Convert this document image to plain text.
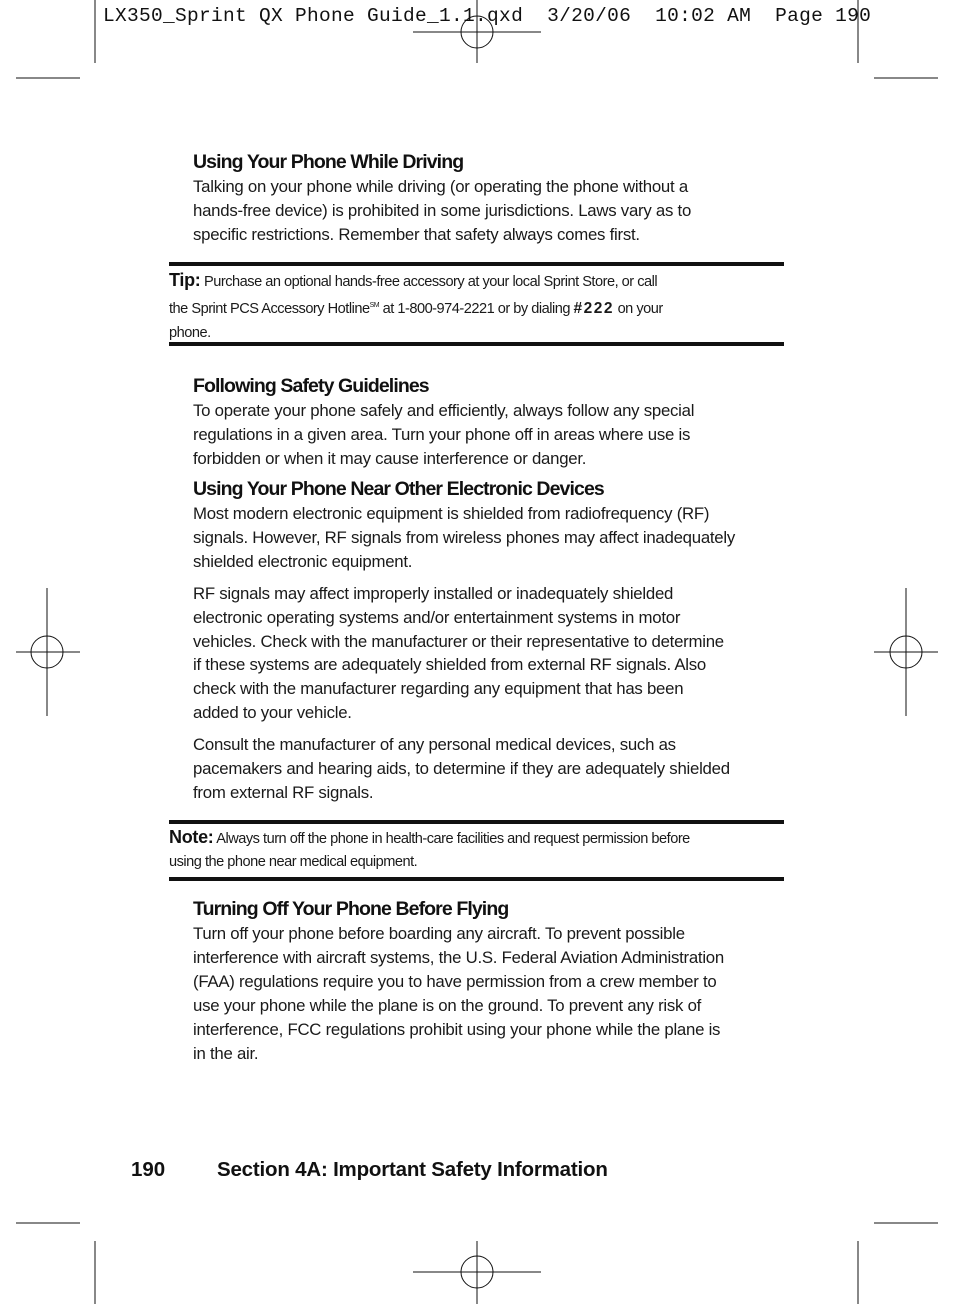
LX350_Sprint QX Phone Guide_1.1.qxd  3/20/06  10:02 AM  Page 190
Using Your Phone While Driving

Talking on your phone while driving (or operating the phone without a
hands-free device) is prohibited in some jurisdictions. Laws vary as to
specific restrictions. Remember that safety always comes first.

Tip: Purchase an optional hands-free accessory at your local Sprint Store, or call
the Sprint PCS Accessory Hotline℠ at 1-800-974-2221 or by dialing #222 on your
phone.
Following Safety Guidelines

To operate your phone safely and efficiently, always follow any special
regulations in a given area. Turn your phone off in areas where use is
forbidden or when it may cause interference or danger.

Using Your Phone Near Other Electronic Devices

Most modern electronic equipment is shielded from radiofrequency (RF)
signals. However, RF signals from wireless phones may affect inadequately
shielded electronic equipment.

RF signals may affect improperly installed or inadequately shielded
electronic operating systems and/or entertainment systems in motor
vehicles. Check with the manufacturer or their representative to determine
if these systems are adequately shielded from external RF signals. Also
check with the manufacturer regarding any equipment that has been
added to your vehicle.

Consult the manufacturer of any personal medical devices, such as
pacemakers and hearing aids, to determine if they are adequately shielded
from external RF signals.

Note: Always turn off the phone in health-care facilities and request permission before
using the phone near medical equipment.
Turning Off Your Phone Before Flying

Turn off your phone before boarding any aircraft. To prevent possible
interference with aircraft systems, the U.S. Federal Aviation Administration
(FAA) regulations require you to have permission from a crew member to
use your phone while the plane is on the ground. To prevent any risk of
interference, FCC regulations prohibit using your phone while the plane is
in the air.

190	Section 4A: Important Safety Information
